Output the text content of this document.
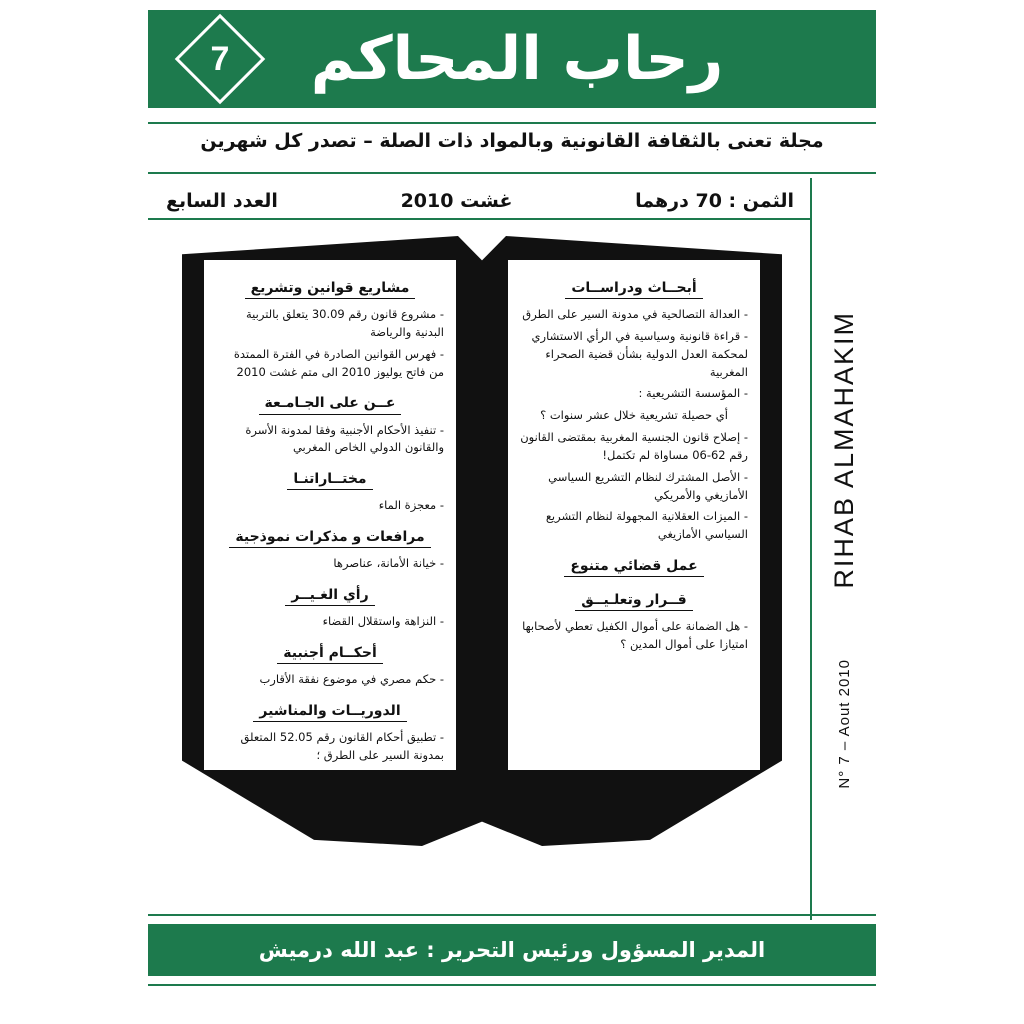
رحاب المحاكم
7
مجلة تعنى بالثقافة القانونية وبالمواد ذات الصلة – تصدر كل شهرين
العدد السابع	غشت 2010	الثمن : 70 درهما
RIHAB ALMAHAKIM
N° 7 – Aout 2010
أبحــاث ودراســات
- العدالة التصالحية في مدونة السير على الطرق
- قراءة قانونية وسياسية في الرأي الاستشاري لمحكمة العدل الدولية بشأن قضية الصحراء المغربية
- المؤسسة التشريعية :
أي حصيلة تشريعية خلال عشر سنوات ؟
- إصلاح قانون الجنسية المغربية بمقتضى القانون رقم 62-06 مساواة لم تكتمل!
- الأصل المشترك لنظام التشريع السياسي الأمازيغي والأمريكي
- الميزات العقلانية المجهولة لنظام التشريع السياسي الأمازيغي
عمل قضائي متنوع قــرار وتعلـيــق
- هل الضمانة على أموال الكفيل تعطي لأصحابها امتيازا على أموال المدين ؟
مشاريع قوانين وتشريع
- مشروع قانون رقم 30.09 يتعلق بالتربية البدنية والرياضة
- فهرس القوانين الصادرة في الفترة الممتدة من فاتح يوليوز 2010 الى متم غشت 2010
عــن على الجـامـعة
- تنفيذ الأحكام الأجنبية وفقا لمدونة الأسرة والقانون الدولي الخاص المغربي
مختــاراتنـا
- معجزة الماء
مرافعات و مذكرات نموذجية
- خيانة الأمانة، عناصرها
رأي الغـيــر
- النزاهة واستقلال القضاء
أحكــام أجنبية
- حكم مصري في موضوع نفقة الأقارب
الدوريــات والمناشير
- تطبيق أحكام القانون رقم 52.05 المتعلق بمدونة السير على الطرق ؛
المدير المسؤول ورئيس التحرير : عبد الله درميش
